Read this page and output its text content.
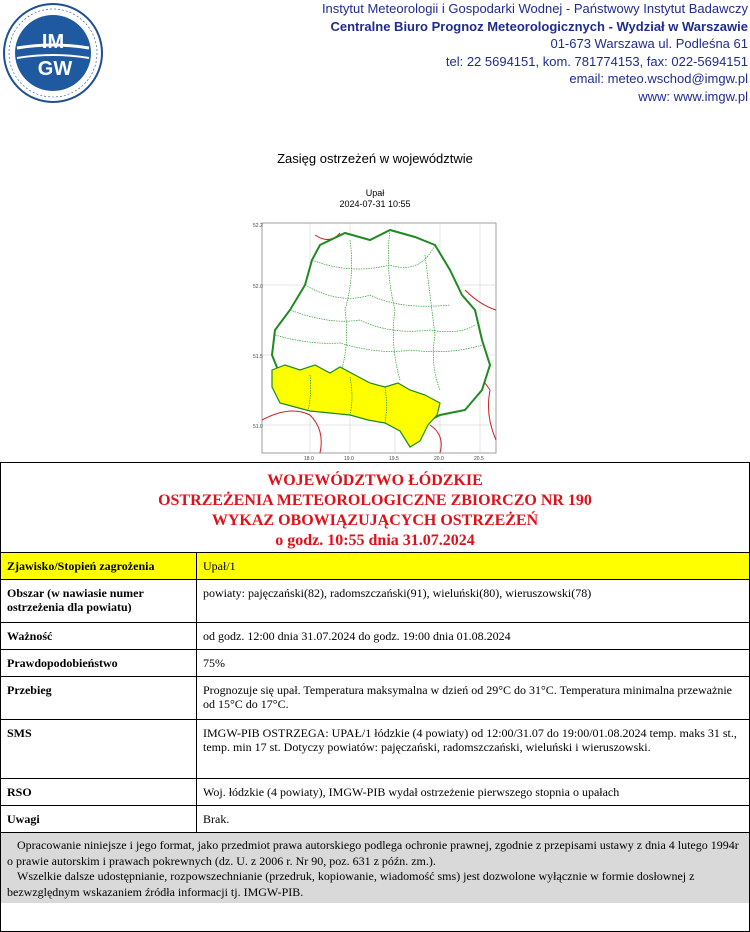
IM
GW
Instytut Meteorologii i Gospodarki Wodnej - Państwowy Instytut Badawczy
Centralne Biuro Prognoz Meteorologicznych - Wydział w Warszawie
01-673 Warszawa ul. Podleśna 61
tel: 22 5694151, kom. 781774153, fax: 022-5694151
email: meteo.wschod@imgw.pl
www: www.imgw.pl
Zasięg ostrzeżeń w województwie
Upał
2024-07-31 10:55
52.2
52.0
51.5
51.0
18.0	19.0	19.5	20.0	20.5
WOJEWÓDZTWO ŁÓDZKIE
OSTRZEŻENIA METEOROLOGICZNE ZBIORCZO NR 190
WYKAZ OBOWIĄZUJĄCYCH OSTRZEŻEŃ
o godz. 10:55 dnia 31.07.2024
Zjawisko/Stopień zagrożenia	Upał/1
Obszar (w nawiasie numer ostrzeżenia dla powiatu)	powiaty: pajęczański(82), radomszczański(91), wieluński(80), wieruszowski(78)
Ważność	od godz. 12:00 dnia 31.07.2024 do godz. 19:00 dnia 01.08.2024
Prawdopodobieństwo	75%
Przebieg	Prognozuje się upał. Temperatura maksymalna w dzień od 29°C do 31°C. Temperatura minimalna przeważnie od 15°C do 17°C.
SMS	IMGW-PIB OSTRZEGA: UPAŁ/1 łódzkie (4 powiaty) od 12:00/31.07 do 19:00/01.08.2024 temp. maks 31 st., temp. min 17 st. Dotyczy powiatów: pajęczański, radomszczański, wieluński i wieruszowski.
RSO	Woj. łódzkie (4 powiaty), IMGW-PIB wydał ostrzeżenie pierwszego stopnia o upałach
Uwagi	Brak.

Opracowanie niniejsze i jego format, jako przedmiot prawa autorskiego podlega ochronie prawnej, zgodnie z przepisami ustawy z dnia 4 lutego 1994r o prawie autorskim i prawach pokrewnych (dz. U. z 2006 r. Nr 90, poz. 631 z późn. zm.).

Wszelkie dalsze udostępnianie, rozpowszechnianie (przedruk, kopiowanie, wiadomość sms) jest dozwolone wyłącznie w formie dosłownej z bezwzględnym wskazaniem źródła informacji tj. IMGW-PIB.
